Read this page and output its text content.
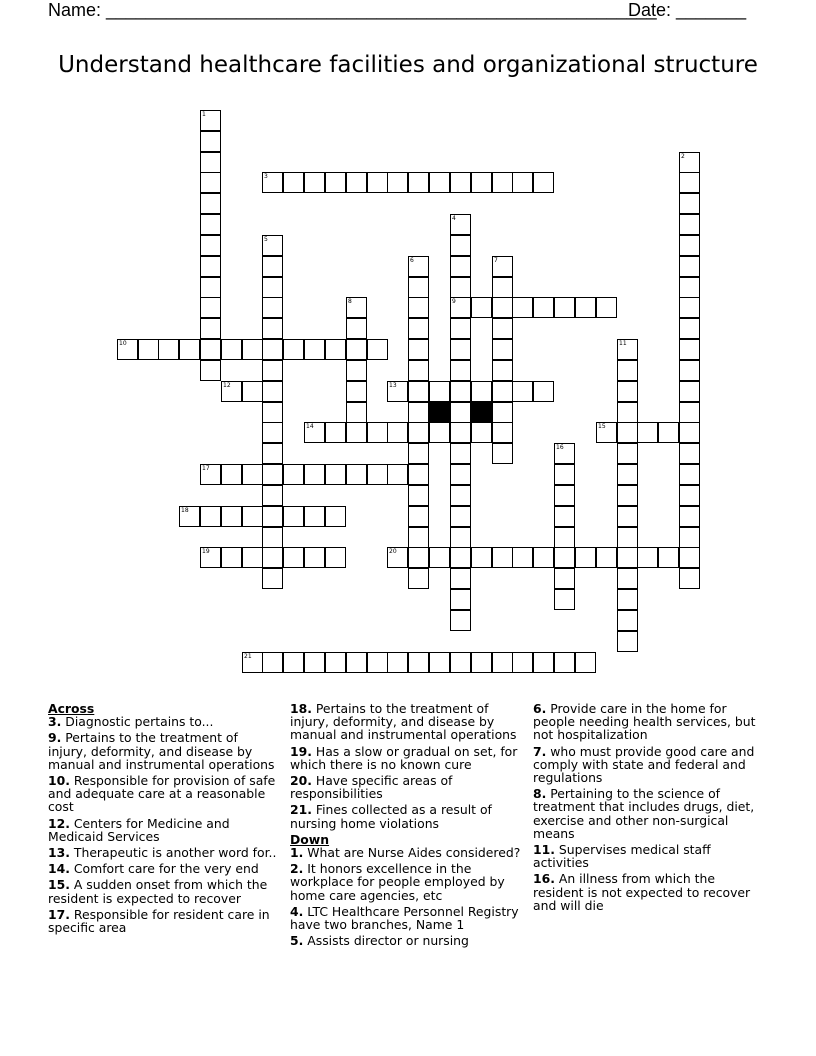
Name: _______________________________________________________
Date: _______
Understand healthcare facilities and organizational structure
1
2
3
4
9
5
6	7
8
10	11
12	13
14	15
16
17
18
19	20
21
Across
3. Diagnostic pertains to...
9. Pertains to the treatment of injury, deformity, and disease by manual and instrumental operations
10. Responsible for provision of safe and adequate care at a reasonable cost
12. Centers for Medicine and Medicaid Services
13. Therapeutic is another word for..
14. Comfort care for the very end
15. A sudden onset from which the resident is expected to recover
17. Responsible for resident care in specific area
18. Pertains to the treatment of injury, deformity, and disease by manual and instrumental operations
19. Has a slow or gradual on set, for which there is no known cure
20. Have specific areas of responsibilities
21. Fines collected as a result of nursing home violations
Down
1. What are Nurse Aides considered?
2. It honors excellence in the workplace for people employed by home care agencies, etc
4. LTC Healthcare Personnel Registry have two branches, Name 1
5. Assists director or nursing
6. Provide care in the home for people needing health services, but not hospitalization
7. who must provide good care and comply with state and federal and regulations
8. Pertaining to the science of treatment that includes drugs, diet, exercise and other non-surgical means
11. Supervises medical staff activities
16. An illness from which the resident is not expected to recover and will die
